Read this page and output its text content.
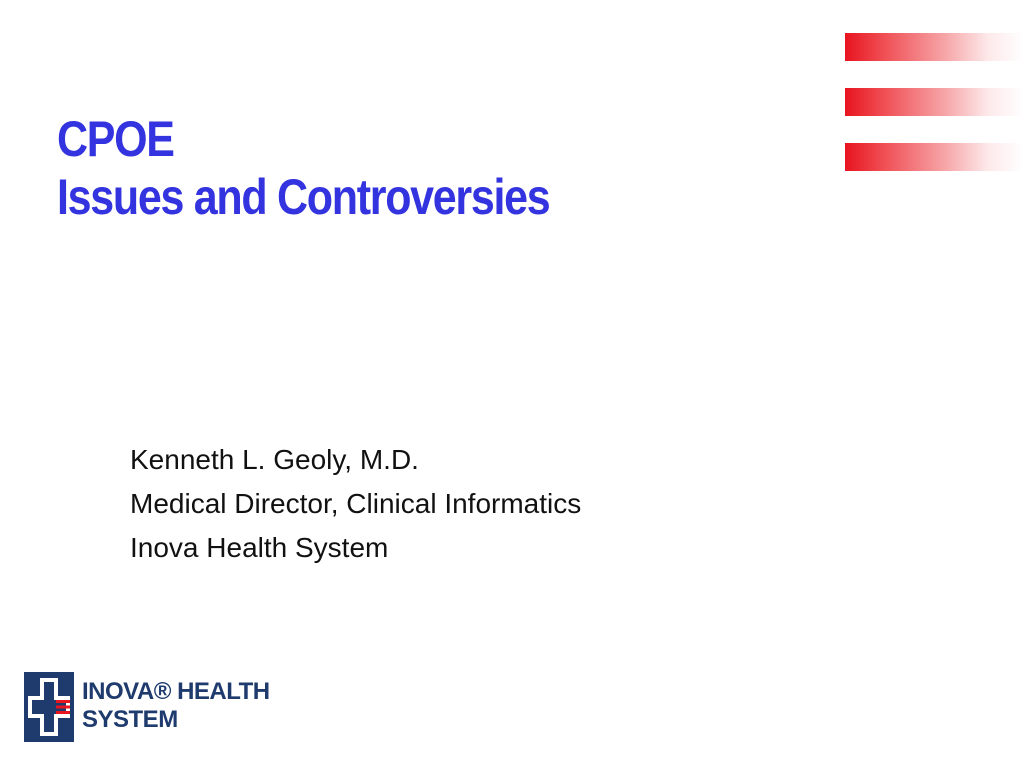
CPOE
Issues and Controversies
Kenneth L. Geoly, M.D.
Medical Director, Clinical Informatics
Inova Health System
INOVA® HEALTH
SYSTEM
